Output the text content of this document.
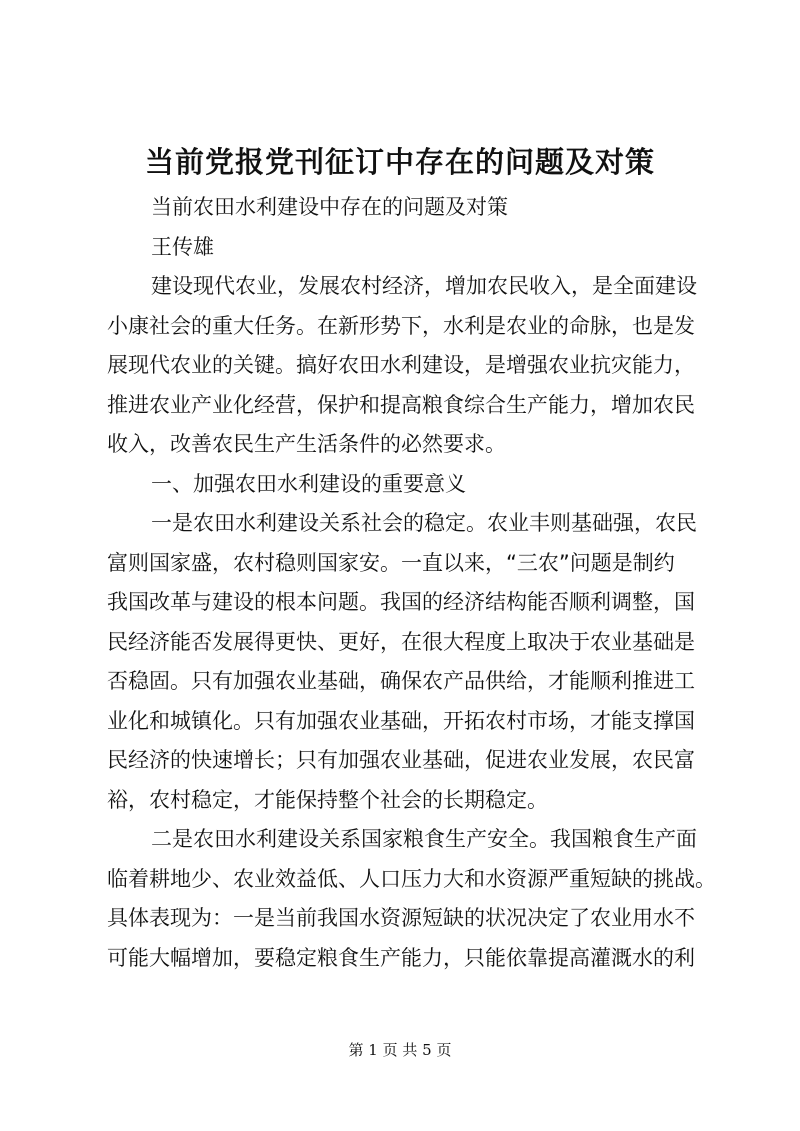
当前党报党刊征订中存在的问题及对策
当前农田水利建设中存在的问题及对策
王传雄
建设现代农业，发展农村经济，增加农民收入，是全面建设
小康社会的重大任务。在新形势下，水利是农业的命脉，也是发
展现代农业的关键。搞好农田水利建设，是增强农业抗灾能力，
推进农业产业化经营，保护和提高粮食综合生产能力，增加农民
收入，改善农民生产生活条件的必然要求。
一、加强农田水利建设的重要意义
一是农田水利建设关系社会的稳定。农业丰则基础强，农民
富则国家盛，农村稳则国家安。一直以来，“三农”问题是制约
我国改革与建设的根本问题。我国的经济结构能否顺利调整，国
民经济能否发展得更快、更好，在很大程度上取决于农业基础是
否稳固。只有加强农业基础，确保农产品供给，才能顺利推进工
业化和城镇化。只有加强农业基础，开拓农村市场，才能支撑国
民经济的快速增长；只有加强农业基础，促进农业发展，农民富
裕，农村稳定，才能保持整个社会的长期稳定。
二是农田水利建设关系国家粮食生产安全。我国粮食生产面
临着耕地少、农业效益低、人口压力大和水资源严重短缺的挑战。
具体表现为：一是当前我国水资源短缺的状况决定了农业用水不
可能大幅增加，要稳定粮食生产能力，只能依靠提高灌溉水的利
第 1 页 共 5 页
